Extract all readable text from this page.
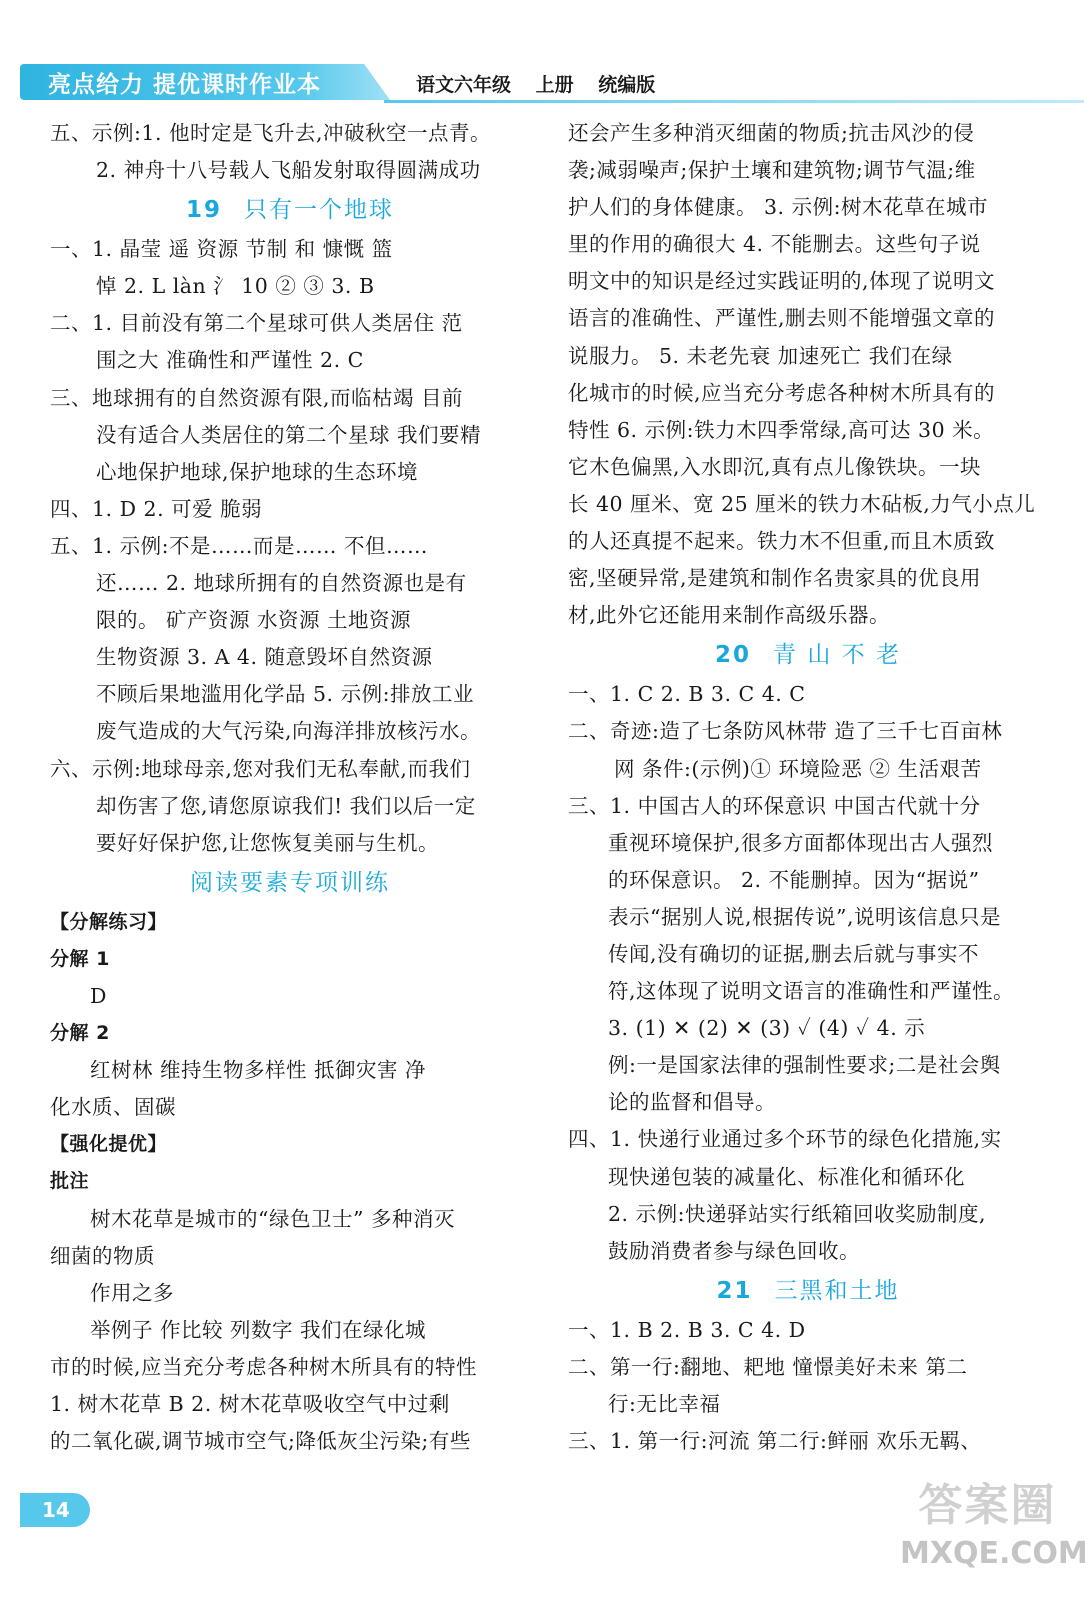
亮点给力 提优课时作业本	语文六年级 上册 统编版
五、示例:1. 他时定是飞升去,冲破秋空一点青。
2. 神舟十八号载人飞船发射取得圆满成功
19 只有一个地球
一、1. 晶莹 遥 资源 节制 和 慷慨 篮
悼 2. L làn 氵 10 ② ③ 3. B
二、1. 目前没有第二个星球可供人类居住 范
围之大 准确性和严谨性 2. C
三、地球拥有的自然资源有限,而临枯竭 目前
没有适合人类居住的第二个星球 我们要精
心地保护地球,保护地球的生态环境
四、1. D 2. 可爱 脆弱
五、1. 示例:不是……而是…… 不但……
还…… 2. 地球所拥有的自然资源也是有
限的。 矿产资源 水资源 土地资源
生物资源 3. A 4. 随意毁坏自然资源
不顾后果地滥用化学品 5. 示例:排放工业
废气造成的大气污染,向海洋排放核污水。
六、示例:地球母亲,您对我们无私奉献,而我们
却伤害了您,请您原谅我们! 我们以后一定
要好好保护您,让您恢复美丽与生机。
阅读要素专项训练
【分解练习】
分解 1
D
分解 2
红树林 维持生物多样性 抵御灾害 净
化水质、固碳
【强化提优】
批注
树木花草是城市的“绿色卫士” 多种消灭
细菌的物质
作用之多
举例子 作比较 列数字 我们在绿化城
市的时候,应当充分考虑各种树木所具有的特性
1. 树木花草 B 2. 树木花草吸收空气中过剩
的二氧化碳,调节城市空气;降低灰尘污染;有些
还会产生多种消灭细菌的物质;抗击风沙的侵
袭;减弱噪声;保护土壤和建筑物;调节气温;维
护人们的身体健康。 3. 示例:树木花草在城市
里的作用的确很大 4. 不能删去。这些句子说
明文中的知识是经过实践证明的,体现了说明文
语言的准确性、严谨性,删去则不能增强文章的
说服力。 5. 未老先衰 加速死亡 我们在绿
化城市的时候,应当充分考虑各种树木所具有的
特性 6. 示例:铁力木四季常绿,高可达 30 米。
它木色偏黑,入水即沉,真有点儿像铁块。一块
长 40 厘米、宽 25 厘米的铁力木砧板,力气小点儿
的人还真提不起来。铁力木不但重,而且木质致
密,坚硬异常,是建筑和制作名贵家具的优良用
材,此外它还能用来制作高级乐器。
20 青 山 不 老
一、1. C 2. B 3. C 4. C
二、奇迹:造了七条防风林带 造了三千七百亩林
网 条件:(示例)① 环境险恶 ② 生活艰苦
三、1. 中国古人的环保意识 中国古代就十分
重视环境保护,很多方面都体现出古人强烈
的环保意识。 2. 不能删掉。因为“据说”
表示“据别人说,根据传说”,说明该信息只是
传闻,没有确切的证据,删去后就与事实不
符,这体现了说明文语言的准确性和严谨性。
3. (1) ✕ (2) ✕ (3) ✓ (4) ✓ 4. 示
例:一是国家法律的强制性要求;二是社会舆
论的监督和倡导。
四、1. 快递行业通过多个环节的绿色化措施,实
现快递包装的减量化、标准化和循环化
2. 示例:快递驿站实行纸箱回收奖励制度,
鼓励消费者参与绿色回收。
21 三黑和土地
一、1. B 2. B 3. C 4. D
二、第一行:翻地、耙地 憧憬美好未来 第二
行:无比幸福
三、1. 第一行:河流 第二行:鲜丽 欢乐无羁、
14	答案圈
MXQE.COM
